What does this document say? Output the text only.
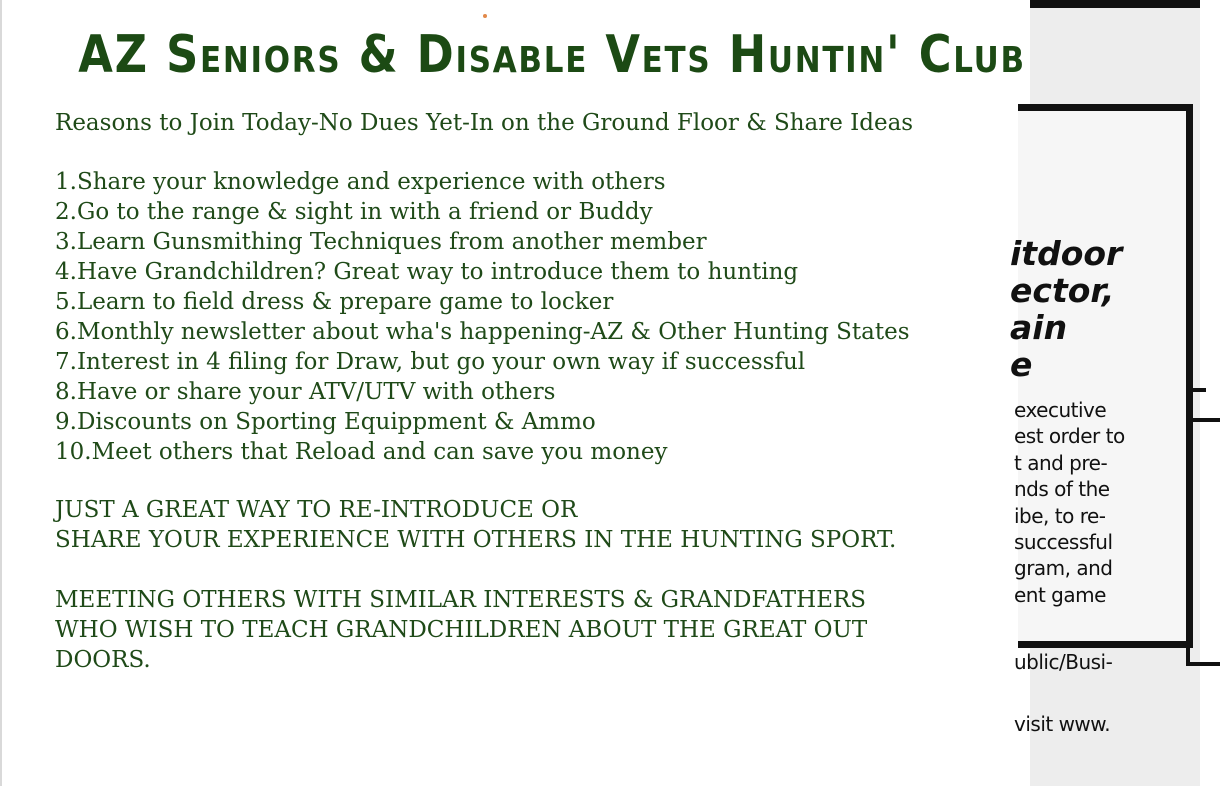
AZ Seniors & Disable Vets Huntin' Club

Reasons to Join Today-No Dues Yet-In on the Ground Floor & Share Ideas

1.Share your knowledge and experience with others
2.Go to the range & sight in with a friend or Buddy
3.Learn Gunsmithing Techniques from another member
4.Have Grandchildren? Great way to introduce them to hunting
5.Learn to field dress & prepare game to locker
6.Monthly newsletter about wha's happening-AZ & Other Hunting States
7.Interest in 4 filing for Draw, but go your own way if successful
8.Have or share your ATV/UTV with others
9.Discounts on Sporting Equippment & Ammo
10.Meet others that Reload and can save you money

JUST A GREAT WAY TO RE-INTRODUCE OR
SHARE YOUR EXPERIENCE WITH OTHERS IN THE HUNTING SPORT.

MEETING OTHERS WITH SIMILAR INTERESTS & GRANDFATHERS
WHO WISH TO TEACH GRANDCHILDREN ABOUT THE GREAT OUT
DOORS.

itdoor
ector,
ain
e

executive
est order to
t and pre-
nds of the
ibe, to re-
successful
gram, and
ent game

ublic/Busi-
visit www.
